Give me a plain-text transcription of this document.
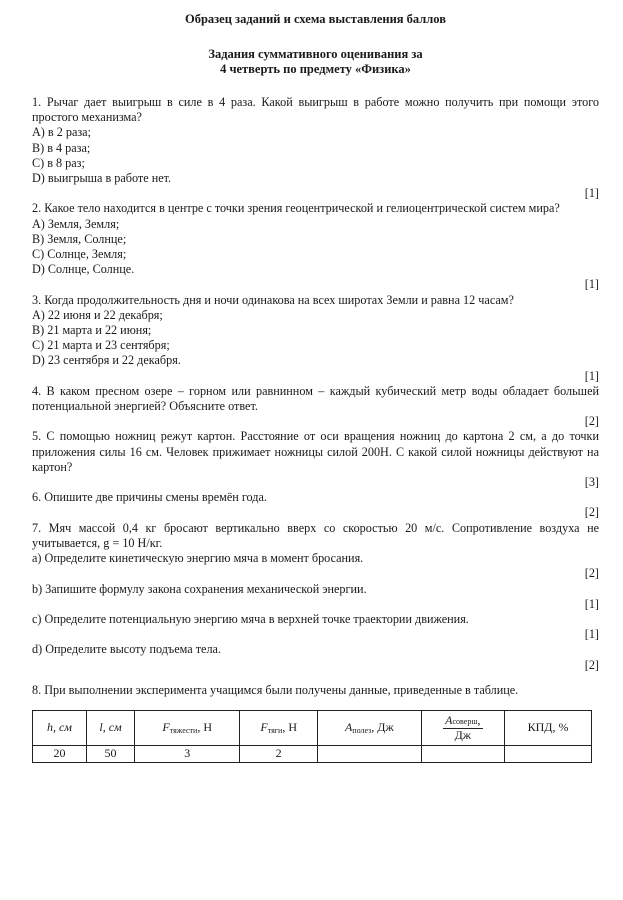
Образец заданий и схема выставления баллов

Задания суммативного оценивания за
4 четверть по предмету «Физика»

1. Рычаг дает выигрыш в силе в 4 раза. Какой выигрыш в работе можно получить при помощи этого простого механизма?

A) в 2 раза;
B) в 4 раза;
C) в 8 раз;
D) выигрыша в работе нет.

[1]

2. Какое тело находится в центре с точки зрения геоцентрической и гелиоцентрической систем мира?

A) Земля, Земля;
B) Земля, Солнце;
C) Солнце, Земля;
D) Солнце, Солнце.

[1]

3. Когда продолжительность дня и ночи одинакова на всех широтах Земли и равна 12 часам?

A) 22 июня и 22 декабря;
B) 21 марта и 22 июня;
C) 21 марта и 23 сентября;
D) 23 сентября и 22 декабря.

[1]

4. В каком пресном озере – горном или равнинном – каждый кубический метр воды обладает большей потенциальной энергией? Объясните ответ.

[2]

5. С помощью ножниц режут картон. Расстояние от оси вращения ножниц до картона 2 см, а до точки приложения силы 16 см. Человек прижимает ножницы силой 200Н. С какой силой ножницы действуют на картон?

[3]

6. Опишите две причины смены времён года.

[2]

7. Мяч массой 0,4 кг бросают вертикально вверх со скоростью 20 м/с. Сопротивление воздуха не учитывается, g = 10 Н/кг.

a) Определите кинетическую энергию мяча в момент бросания.

[2]

b) Запишите формулу закона сохранения механической энергии.

[1]

c) Определите потенциальную энергию мяча в верхней точке траектории движения.

[1]

d) Определите высоту подъема тела.

[2]

8. При выполнении эксперимента учащимся были получены данные, приведенные в таблице.

h, см	l, см	Fтяжести, Н	Fтяги, Н	Aполез, Дж	$\frac{\text{Aсоверш,}}{Дж}$	КПД, %
20	50	3	2			
